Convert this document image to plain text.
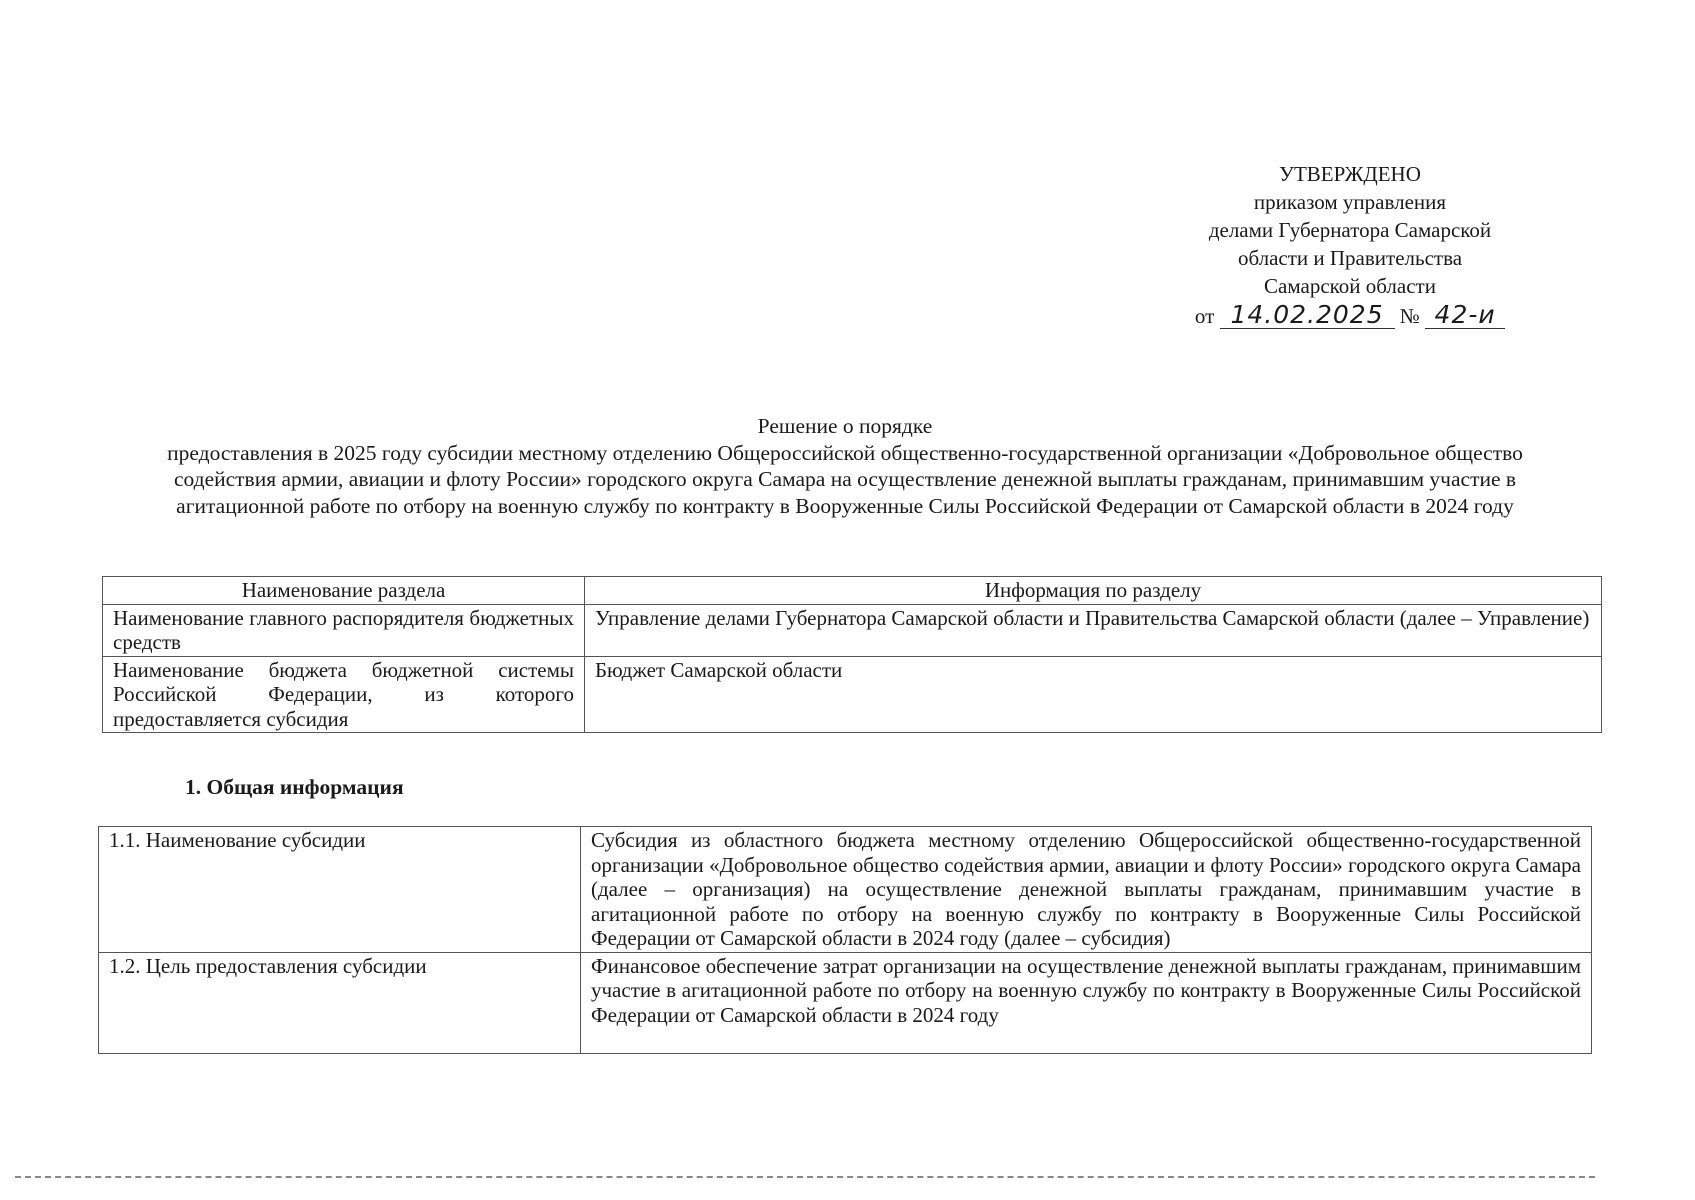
УТВЕРЖДЕНО
приказом управления
делами Губернатора Самарской
области и Правительства
Самарской области
от 14.02.2025 № 42-и
Решение о порядке
предоставления в 2025 году субсидии местному отделению Общероссийской общественно-государственной организации «Добровольное общество содействия армии, авиации и флоту России» городского округа Самара на осуществление денежной выплаты гражданам, принимавшим участие в агитационной работе по отбору на военную службу по контракту в Вооруженные Силы Российской Федерации от Самарской области в 2024 году
Наименование раздела	Информация по разделу
Наименование главного распорядителя бюджетных средств	Управление делами Губернатора Самарской области и Правительства Самарской области (далее – Управление)
Наименование бюджета бюджетной системы Российской Федерации, из которого предоставляется субсидия	Бюджет Самарской области
1. Общая информация
1.1. Наименование субсидии	Субсидия из областного бюджета местному отделению Общероссийской общественно-государственной организации «Добровольное общество содействия армии, авиации и флоту России» городского округа Самара (далее – организация) на осуществление денежной выплаты гражданам, принимавшим участие в агитационной работе по отбору на военную службу по контракту в Вооруженные Силы Российской Федерации от Самарской области в 2024 году (далее – субсидия)
1.2. Цель предоставления субсидии	Финансовое обеспечение затрат организации на осуществление денежной выплаты гражданам, принимавшим участие в агитационной работе по отбору на военную службу по контракту в Вооруженные Силы Российской Федерации от Самарской области в 2024 году
